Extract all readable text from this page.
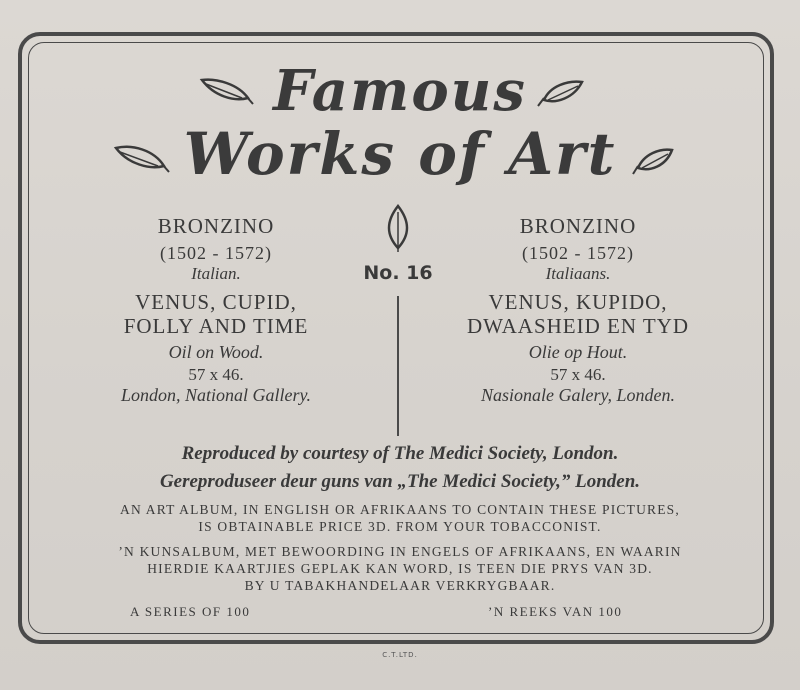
Famous
Works of Art
No. 16
BRONZINO
(1502 - 1572)
Italian.
VENUS, CUPID,
FOLLY AND TIME
Oil on Wood.
57 x 46.
London, National Gallery.
BRONZINO
(1502 - 1572)
Italiaans.
VENUS, KUPIDO,
DWAASHEID EN TYD
Olie op Hout.
57 x 46.
Nasionale Galery, Londen.
Reproduced by courtesy of The Medici Society, London.
Gereproduseer deur guns van „The Medici Society,” Londen.
AN ART ALBUM, IN ENGLISH OR AFRIKAANS TO CONTAIN THESE PICTURES,
IS OBTAINABLE PRICE 3D. FROM YOUR TOBACCONIST.
’N KUNSALBUM, MET BEWOORDING IN ENGELS OF AFRIKAANS, EN WAARIN
HIERDIE KAARTJIES GEPLAK KAN WORD, IS TEEN DIE PRYS VAN 3D.
BY U TABAKHANDELAAR VERKRYGBAAR.
A SERIES OF 100	’N REEKS VAN 100
C.T.LTD.
